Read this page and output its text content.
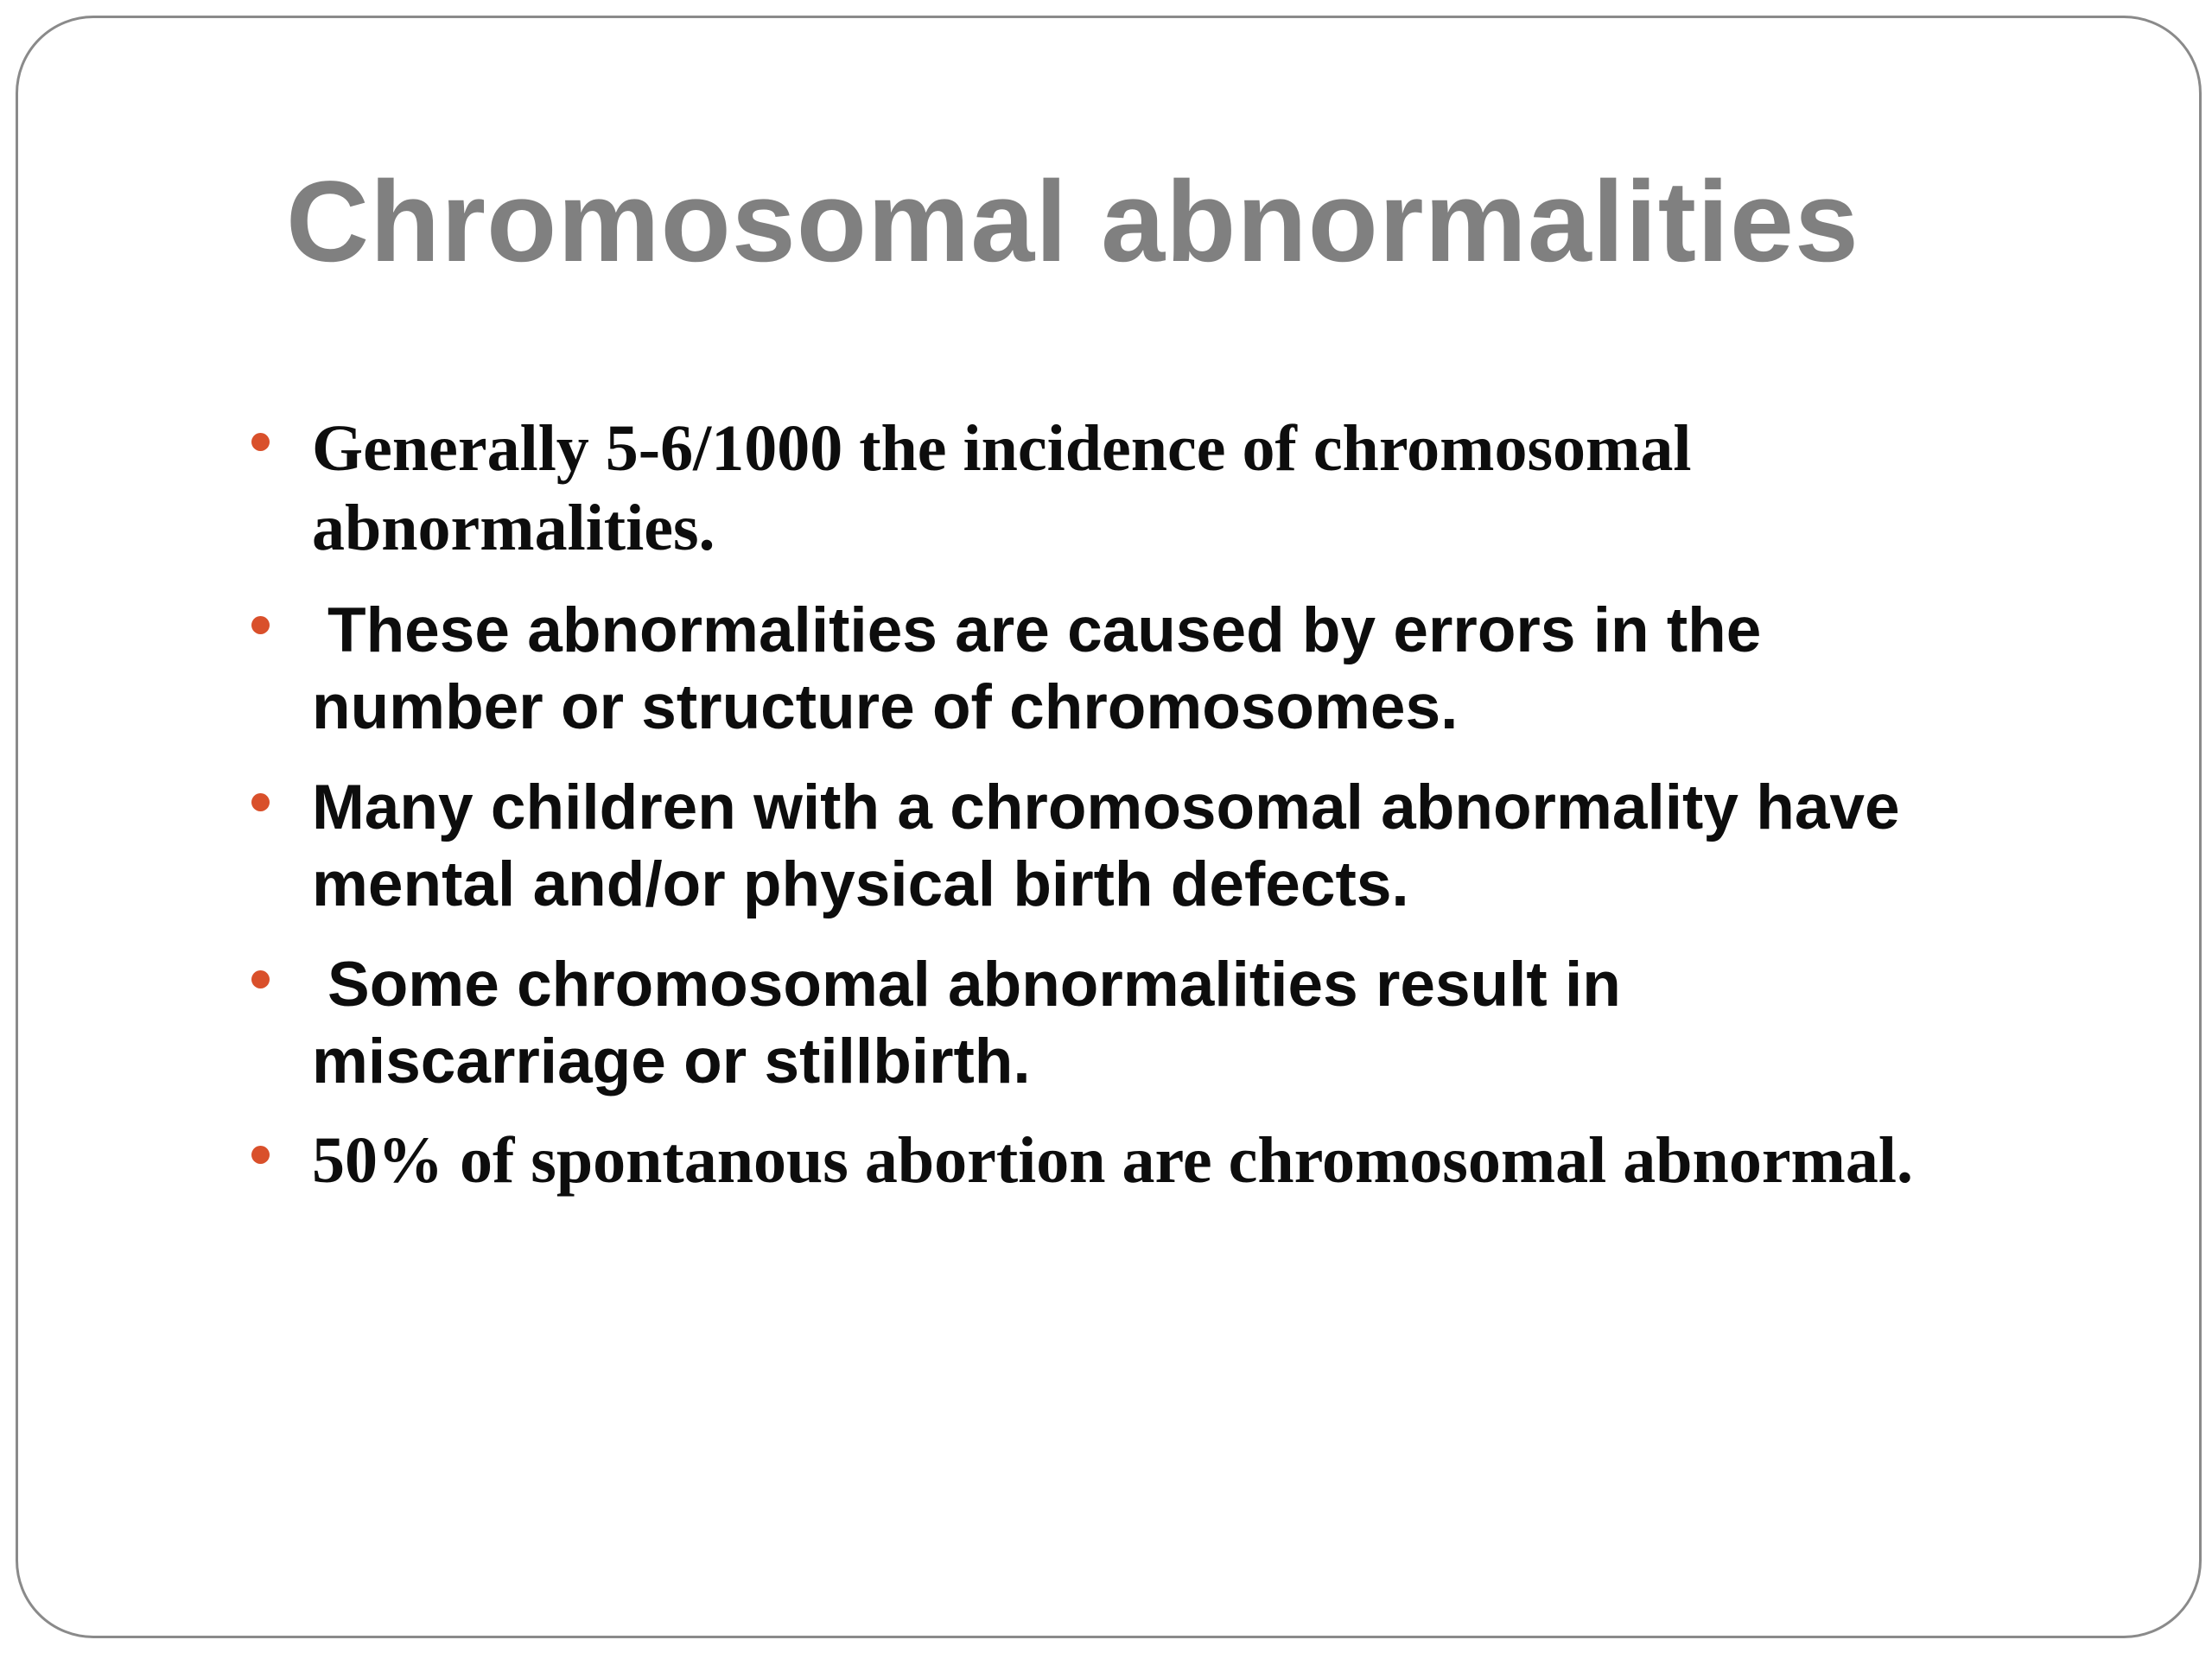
Chromosomal abnormalities
Generally 5-6/1000 the incidence of chromosomal
abnormalities.
These abnormalities are caused by errors in the
number or structure of chromosomes.
Many children with a chromosomal abnormality have
mental and/or physical birth defects.
Some chromosomal abnormalities result in
miscarriage or stillbirth.
50% of spontanous abortion are chromosomal abnormal.
